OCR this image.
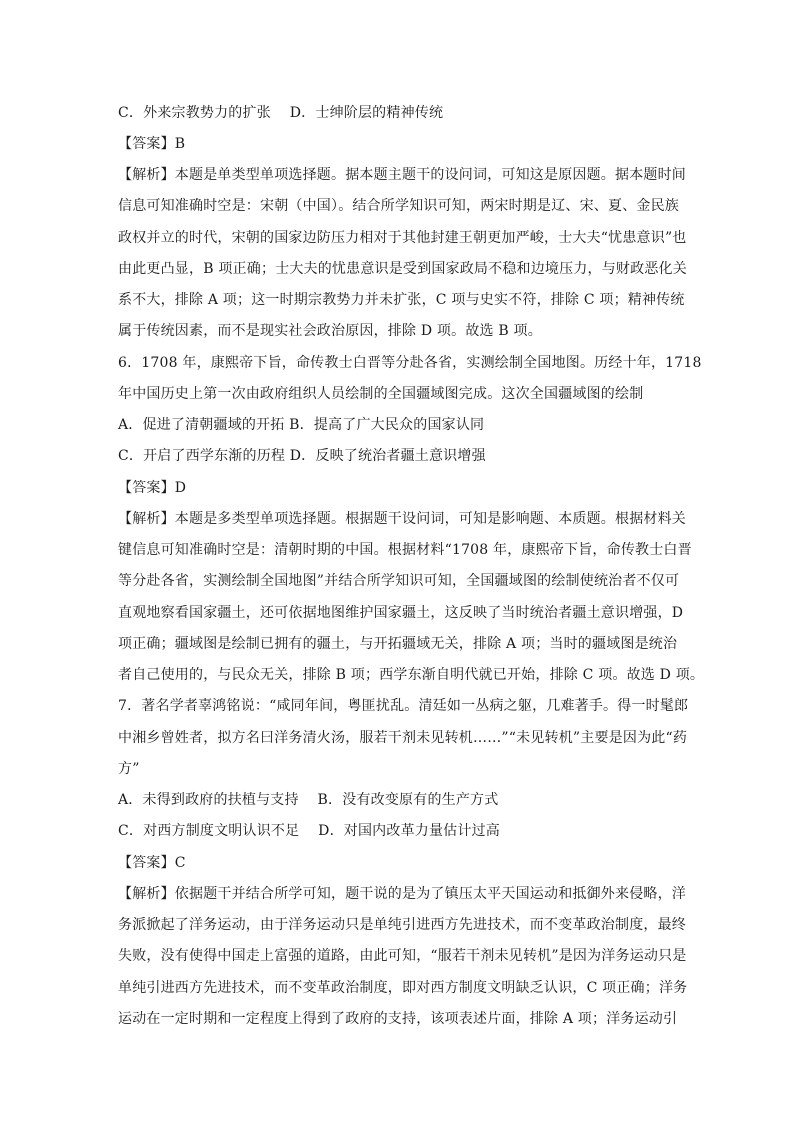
C．外来宗教势力的扩张　 D．士绅阶层的精神传统
【答案】B
【解析】本题是单类型单项选择题。据本题主题干的设问词，可知这是原因题。据本题时间
信息可知准确时空是：宋朝（中国）。结合所学知识可知，两宋时期是辽、宋、夏、金民族
政权并立的时代，宋朝的国家边防压力相对于其他封建王朝更加严峻，士大夫“忧患意识”也
由此更凸显，B 项正确；士大夫的忧患意识是受到国家政局不稳和边境压力，与财政恶化关
系不大，排除 A 项；这一时期宗教势力并未扩张，C 项与史实不符，排除 C 项；精神传统
属于传统因素，而不是现实社会政治原因，排除 D 项。故选 B 项。
6．1708 年，康熙帝下旨，命传教士白晋等分赴各省，实测绘制全国地图。历经十年，1718
年中国历史上第一次由政府组织人员绘制的全国疆域图完成。这次全国疆域图的绘制
A．促进了清朝疆域的开拓 B．提高了广大民众的国家认同
C．开启了西学东渐的历程 D．反映了统治者疆土意识增强
【答案】D
【解析】本题是多类型单项选择题。根据题干设问词，可知是影响题、本质题。根据材料关
键信息可知准确时空是：清朝时期的中国。根据材料“1708 年，康熙帝下旨，命传教士白晋
等分赴各省，实测绘制全国地图”并结合所学知识可知，全国疆域图的绘制使统治者不仅可
直观地察看国家疆土，还可依据地图维护国家疆土，这反映了当时统治者疆土意识增强，D
项正确；疆域图是绘制已拥有的疆土，与开拓疆域无关，排除 A 项；当时的疆域图是统治
者自己使用的，与民众无关，排除 B 项；西学东渐自明代就已开始，排除 C 项。故选 D 项。
7．著名学者辜鸿铭说：“咸同年间，粤匪扰乱。清廷如一丛病之躯，几难著手。得一时髦郎
中湘乡曾姓者，拟方名曰洋务清火汤，服若干剂未见转机……”“未见转机”主要是因为此“药
方”
A．未得到政府的扶植与支持　 B．没有改变原有的生产方式
C．对西方制度文明认识不足　 D．对国内改革力量估计过高
【答案】C
【解析】依据题干并结合所学可知，题干说的是为了镇压太平天国运动和抵御外来侵略，洋
务派掀起了洋务运动，由于洋务运动只是单纯引进西方先进技术，而不变革政治制度，最终
失败，没有使得中国走上富强的道路，由此可知，“服若干剂未见转机”是因为洋务运动只是
单纯引进西方先进技术，而不变革政治制度，即对西方制度文明缺乏认识，C 项正确；洋务
运动在一定时期和一定程度上得到了政府的支持，该项表述片面，排除 A 项；洋务运动引
